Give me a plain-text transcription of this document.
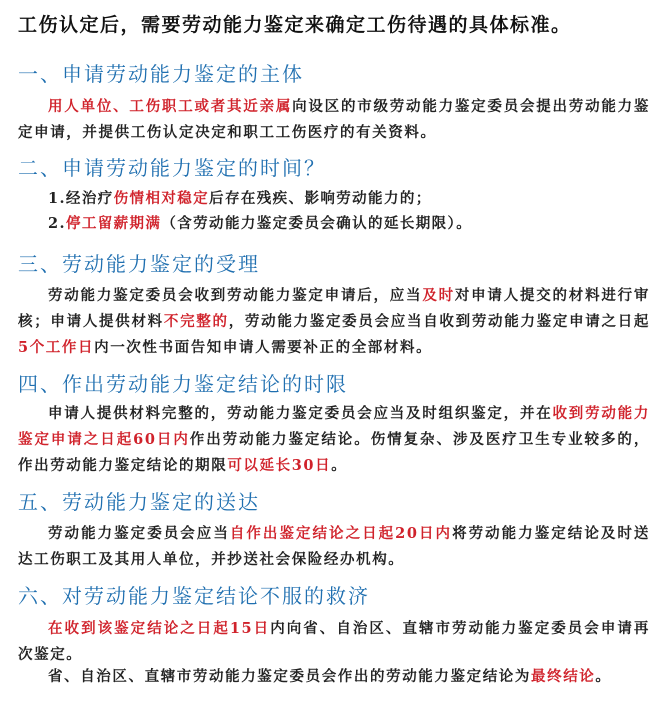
工伤认定后，需要劳动能力鉴定来确定工伤待遇的具体标准。
一、申请劳动能力鉴定的主体
用人单位、工伤职工或者其近亲属向设区的市级劳动能力鉴定委员会提出劳动能力鉴定申请，并提供工伤认定决定和职工工伤医疗的有关资料。
二、申请劳动能力鉴定的时间？
1.经治疗伤情相对稳定后存在残疾、影响劳动能力的；
2.停工留薪期满（含劳动能力鉴定委员会确认的延长期限）。
三、劳动能力鉴定的受理
劳动能力鉴定委员会收到劳动能力鉴定申请后，应当及时对申请人提交的材料进行审核；申请人提供材料不完整的，劳动能力鉴定委员会应当自收到劳动能力鉴定申请之日起5个工作日内一次性书面告知申请人需要补正的全部材料。
四、作出劳动能力鉴定结论的时限
申请人提供材料完整的，劳动能力鉴定委员会应当及时组织鉴定，并在收到劳动能力鉴定申请之日起60日内作出劳动能力鉴定结论。伤情复杂、涉及医疗卫生专业较多的，作出劳动能力鉴定结论的期限可以延长30日。
五、劳动能力鉴定的送达
劳动能力鉴定委员会应当自作出鉴定结论之日起20日内将劳动能力鉴定结论及时送达工伤职工及其用人单位，并抄送社会保险经办机构。
六、对劳动能力鉴定结论不服的救济
在收到该鉴定结论之日起15日内向省、自治区、直辖市劳动能力鉴定委员会申请再次鉴定。
省、自治区、直辖市劳动能力鉴定委员会作出的劳动能力鉴定结论为最终结论。
